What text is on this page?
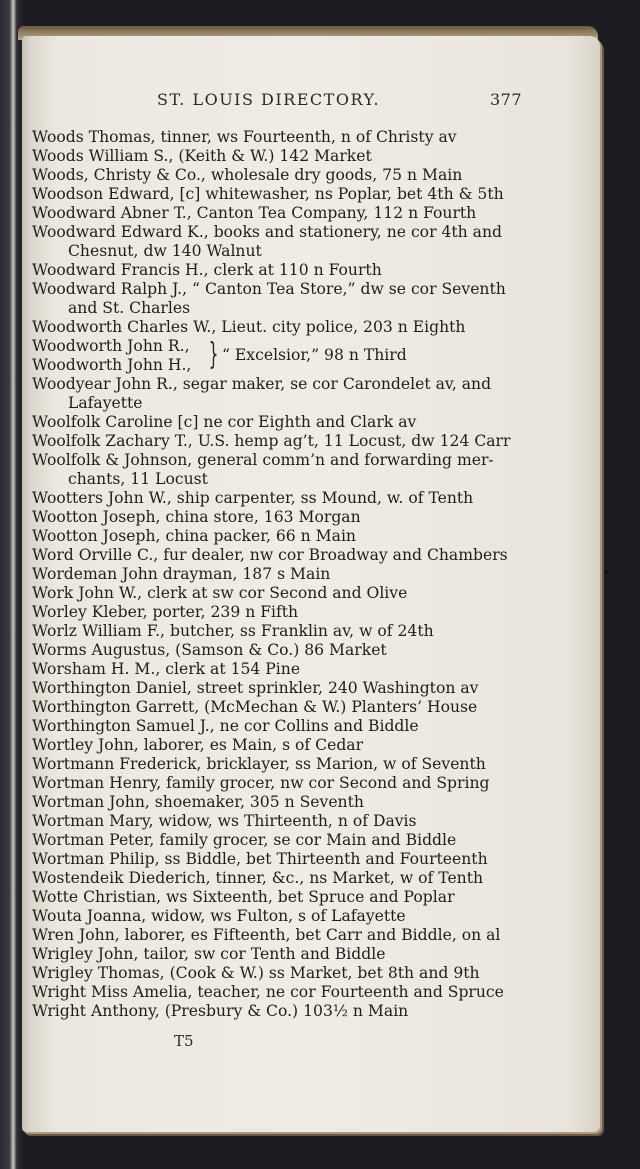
ST. LOUIS DIRECTORY.	377
Woods Thomas, tinner, ws Fourteenth, n of Christy av
Woods William S., (Keith & W.) 142 Market
Woods, Christy & Co., wholesale dry goods, 75 n Main
Woodson Edward, [c] whitewasher, ns Poplar, bet 4th & 5th
Woodward Abner T., Canton Tea Company, 112 n Fourth
Woodward Edward K., books and stationery, ne cor 4th and
Chesnut, dw 140 Walnut
Woodward Francis H., clerk at 110 n Fourth
Woodward Ralph J., “ Canton Tea Store,” dw se cor Seventh
and St. Charles
Woodworth Charles W., Lieut. city police, 203 n Eighth
Woodworth John R.,
Woodworth John H., } “ Excelsior,” 98 n Third
Woodyear John R., segar maker, se cor Carondelet av, and
Lafayette
Woolfolk Caroline [c] ne cor Eighth and Clark av
Woolfolk Zachary T., U.S. hemp ag’t, 11 Locust, dw 124 Carr
Woolfolk & Johnson, general comm’n and forwarding mer-
chants, 11 Locust
Wootters John W., ship carpenter, ss Mound, w. of Tenth
Wootton Joseph, china store, 163 Morgan
Wootton Joseph, china packer, 66 n Main
Word Orville C., fur dealer, nw cor Broadway and Chambers
Wordeman John drayman, 187 s Main
Work John W., clerk at sw cor Second and Olive
Worley Kleber, porter, 239 n Fifth
Worlz William F., butcher, ss Franklin av, w of 24th
Worms Augustus, (Samson & Co.) 86 Market
Worsham H. M., clerk at 154 Pine
Worthington Daniel, street sprinkler, 240 Washington av
Worthington Garrett, (McMechan & W.) Planters’ House
Worthington Samuel J., ne cor Collins and Biddle
Wortley John, laborer, es Main, s of Cedar
Wortmann Frederick, bricklayer, ss Marion, w of Seventh
Wortman Henry, family grocer, nw cor Second and Spring
Wortman John, shoemaker, 305 n Seventh
Wortman Mary, widow, ws Thirteenth, n of Davis
Wortman Peter, family grocer, se cor Main and Biddle
Wortman Philip, ss Biddle, bet Thirteenth and Fourteenth
Wostendeik Diederich, tinner, &c., ns Market, w of Tenth
Wotte Christian, ws Sixteenth, bet Spruce and Poplar
Wouta Joanna, widow, ws Fulton, s of Lafayette
Wren John, laborer, es Fifteenth, bet Carr and Biddle, on al
Wrigley John, tailor, sw cor Tenth and Biddle
Wrigley Thomas, (Cook & W.) ss Market, bet 8th and 9th
Wright Miss Amelia, teacher, ne cor Fourteenth and Spruce
Wright Anthony, (Presbury & Co.) 103½ n Main
T5
